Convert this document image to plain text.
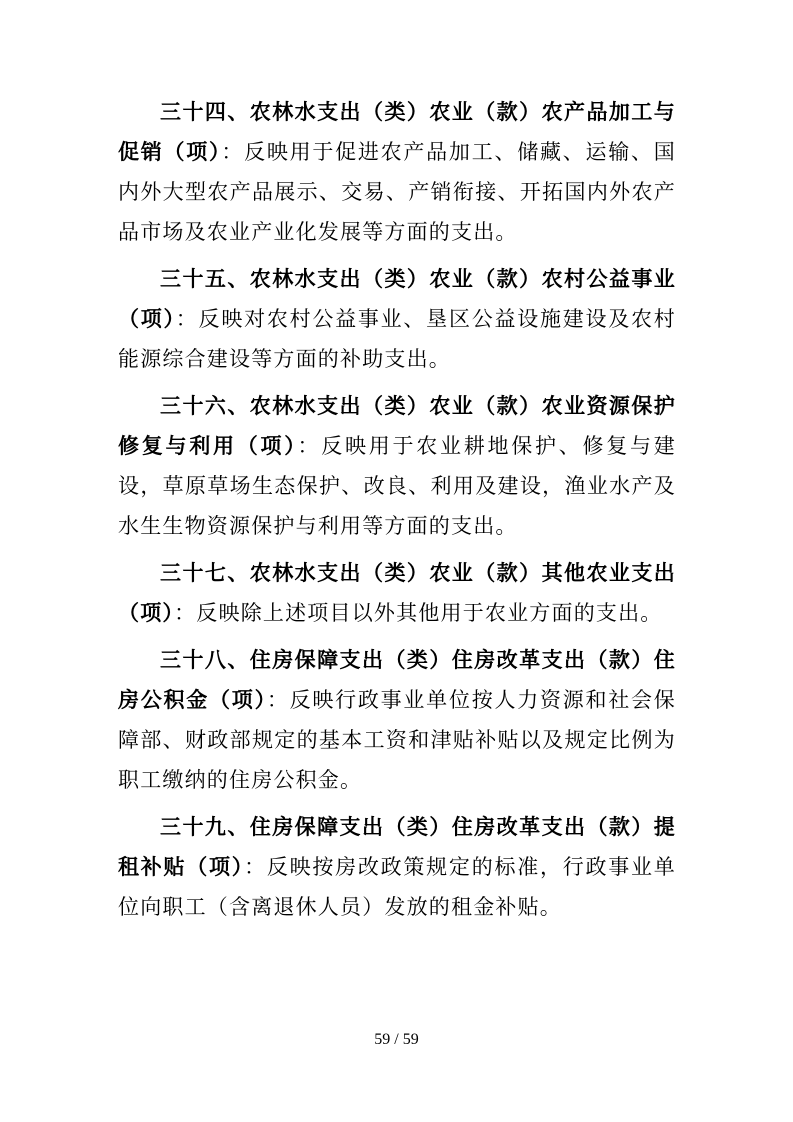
三十四、农林水支出（类）农业（款）农产品加工与促销（项）：反映用于促进农产品加工、储藏、运输、国内外大型农产品展示、交易、产销衔接、开拓国内外农产品市场及农业产业化发展等方面的支出。

三十五、农林水支出（类）农业（款）农村公益事业（项）：反映对农村公益事业、垦区公益设施建设及农村能源综合建设等方面的补助支出。

三十六、农林水支出（类）农业（款）农业资源保护修复与利用（项）：反映用于农业耕地保护、修复与建设，草原草场生态保护、改良、利用及建设，渔业水产及水生生物资源保护与利用等方面的支出。

三十七、农林水支出（类）农业（款）其他农业支出（项）：反映除上述项目以外其他用于农业方面的支出。

三十八、住房保障支出（类）住房改革支出（款）住房公积金（项）：反映行政事业单位按人力资源和社会保障部、财政部规定的基本工资和津贴补贴以及规定比例为职工缴纳的住房公积金。

三十九、住房保障支出（类）住房改革支出（款）提租补贴（项）：反映按房改政策规定的标准，行政事业单位向职工（含离退休人员）发放的租金补贴。

59 / 59
